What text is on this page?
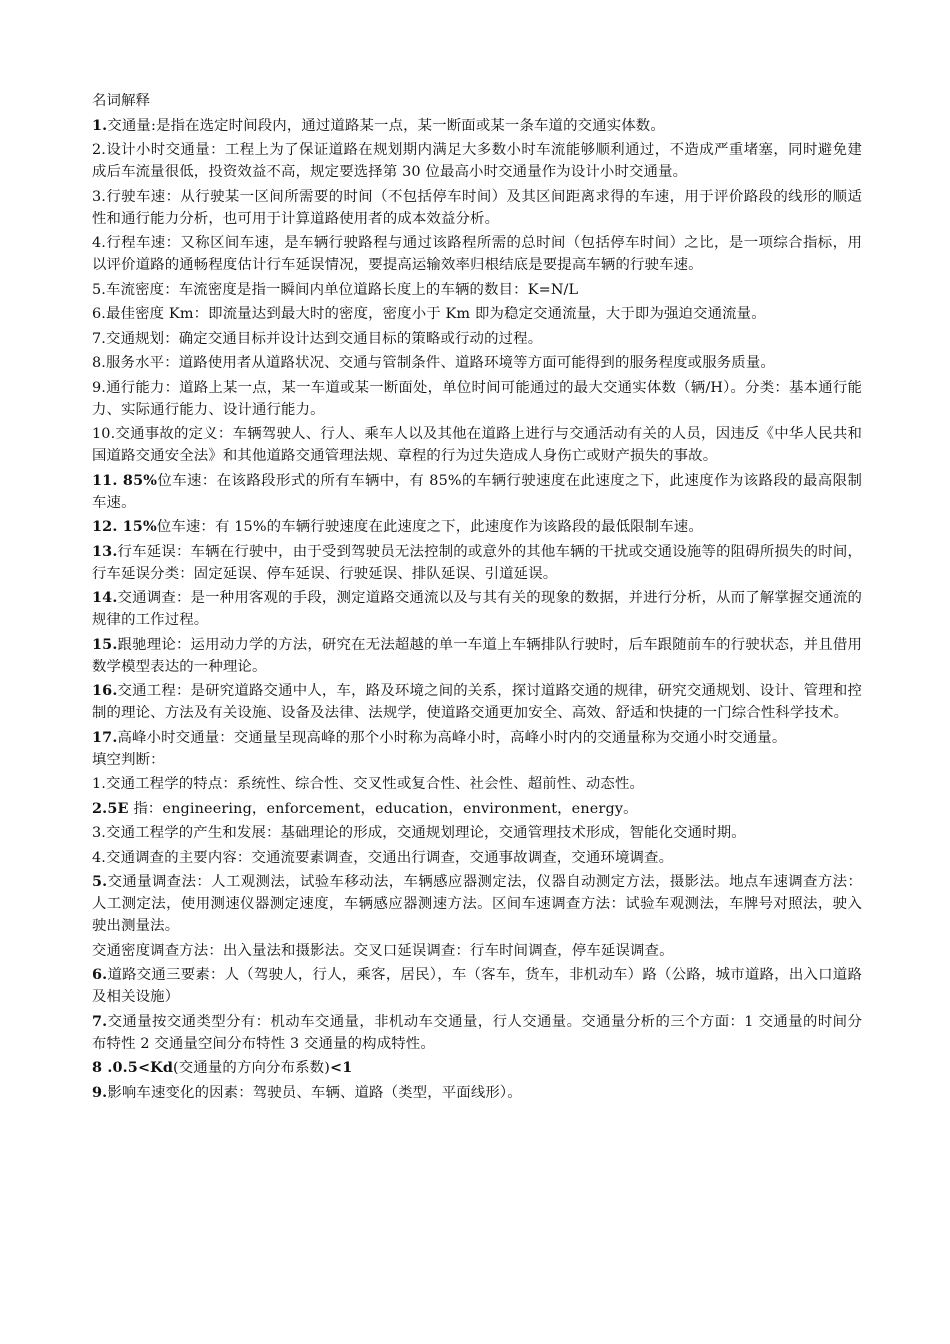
名词解释

1.交通量:是指在选定时间段内，通过道路某一点，某一断面或某一条车道的交通实体数。

2.设计小时交通量：工程上为了保证道路在规划期内满足大多数小时车流能够顺利通过，不造成严重堵塞，同时避免建成后车流量很低，投资效益不高，规定要选择第 30 位最高小时交通量作为设计小时交通量。

3.行驶车速：从行驶某一区间所需要的时间（不包括停车时间）及其区间距离求得的车速，用于评价路段的线形的顺适性和通行能力分析，也可用于计算道路使用者的成本效益分析。

4.行程车速：又称区间车速，是车辆行驶路程与通过该路程所需的总时间（包括停车时间）之比，是一项综合指标，用以评价道路的通畅程度估计行车延误情况，要提高运输效率归根结底是要提高车辆的行驶车速。

5.车流密度：车流密度是指一瞬间内单位道路长度上的车辆的数目：K=N/L

6.最佳密度 Km：即流量达到最大时的密度，密度小于 Km 即为稳定交通流量，大于即为强迫交通流量。

7.交通规划：确定交通目标并设计达到交通目标的策略或行动的过程。

8.服务水平：道路使用者从道路状况、交通与管制条件、道路环境等方面可能得到的服务程度或服务质量。

9.通行能力：道路上某一点，某一车道或某一断面处，单位时间可能通过的最大交通实体数（辆/H）。分类：基本通行能力、实际通行能力、设计通行能力。

10.交通事故的定义：车辆驾驶人、行人、乘车人以及其他在道路上进行与交通活动有关的人员，因违反《中华人民共和国道路交通安全法》和其他道路交通管理法规、章程的行为过失造成人身伤亡或财产损失的事故。

11. 85%位车速：在该路段形式的所有车辆中，有 85%的车辆行驶速度在此速度之下，此速度作为该路段的最高限制车速。

12. 15%位车速：有 15%的车辆行驶速度在此速度之下，此速度作为该路段的最低限制车速。

13.行车延误：车辆在行驶中，由于受到驾驶员无法控制的或意外的其他车辆的干扰或交通设施等的阻碍所损失的时间，行车延误分类：固定延误、停车延误、行驶延误、排队延误、引道延误。

14.交通调查：是一种用客观的手段，测定道路交通流以及与其有关的现象的数据，并进行分析，从而了解掌握交通流的规律的工作过程。

15.跟驰理论：运用动力学的方法，研究在无法超越的单一车道上车辆排队行驶时，后车跟随前车的行驶状态，并且借用数学模型表达的一种理论。

16.交通工程：是研究道路交通中人，车，路及环境之间的关系，探讨道路交通的规律，研究交通规划、设计、管理和控制的理论、方法及有关设施、设备及法律、法规学，使道路交通更加安全、高效、舒适和快捷的一门综合性科学技术。

17.高峰小时交通量：交通量呈现高峰的那个小时称为高峰小时，高峰小时内的交通量称为交通小时交通量。

填空判断：

1.交通工程学的特点：系统性、综合性、交叉性或复合性、社会性、超前性、动态性。

2.5E 指：engineering，enforcement，education，environment，energy。

3.交通工程学的产生和发展：基础理论的形成，交通规划理论，交通管理技术形成，智能化交通时期。

4.交通调查的主要内容：交通流要素调查，交通出行调查，交通事故调查，交通环境调查。

5.交通量调查法：人工观测法，试验车移动法，车辆感应器测定法，仪器自动测定方法，摄影法。地点车速调查方法：人工测定法，使用测速仪器测定速度，车辆感应器测速方法。区间车速调查方法：试验车观测法，车牌号对照法，驶入驶出测量法。

交通密度调查方法：出入量法和摄影法。交叉口延误调查：行车时间调查，停车延误调查。

6.道路交通三要素：人（驾驶人，行人，乘客，居民），车（客车，货车，非机动车）路（公路，城市道路，出入口道路及相关设施）

7.交通量按交通类型分有：机动车交通量，非机动车交通量，行人交通量。交通量分析的三个方面：1 交通量的时间分布特性 2 交通量空间分布特性 3 交通量的构成特性。

8 .0.5<Kd(交通量的方向分布系数)<1

9.影响车速变化的因素：驾驶员、车辆、道路（类型，平面线形）。
